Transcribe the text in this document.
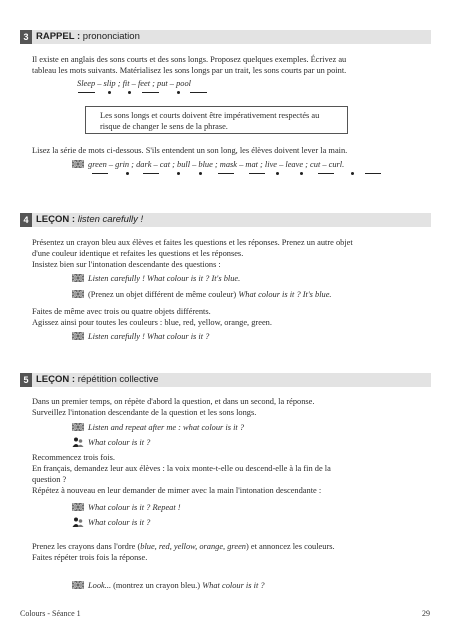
3 RAPPEL : prononciation
Il existe en anglais des sons courts et des sons longs. Proposez quelques exemples. Écrivez au
tableau les mots suivants. Matérialisez les sons longs par un trait, les sons courts par un point.
Sleep – slip ; fit – feet ; put – pool
Les sons longs et courts doivent être impérativement respectés au
risque de changer le sens de la phrase.
Lisez la série de mots ci-dessous. S'ils entendent un son long, les élèves doivent lever la main.
green – grin ; dark – cat ; bull – blue ; mask – mat ; live – leave ; cut – curl.
4 LEÇON : listen carefully !
Présentez un crayon bleu aux élèves et faites les questions et les réponses. Prenez un autre objet
d'une couleur identique et refaites les questions et les réponses.
Insistez bien sur l'intonation descendante des questions :
Listen carefully ! What colour is it ? It's blue.
(Prenez un objet différent de même couleur) What colour is it ? It's blue.
Faites de même avec trois ou quatre objets différents.
Agissez ainsi pour toutes les couleurs : blue, red, yellow, orange, green.
Listen carefully ! What colour is it ?
5 LEÇON : répétition collective
Dans un premier temps, on répète d'abord la question, et dans un second, la réponse.
Surveillez l'intonation descendante de la question et les sons longs.
Listen and repeat after me : what colour is it ?
What colour is it ?
Recommencez trois fois.
En français, demandez leur aux élèves : la voix monte-t-elle ou descend-elle à la fin de la
question ?
Répétez à nouveau en leur demander de mimer avec la main l'intonation descendante :
What colour is it ? Repeat !
What colour is it ?
Prenez les crayons dans l'ordre (blue, red, yellow, orange, green) et annoncez les couleurs.
Faites répéter trois fois la réponse.
Look... (montrez un crayon bleu.) What colour is it ?
Colours - Séance 1	29
